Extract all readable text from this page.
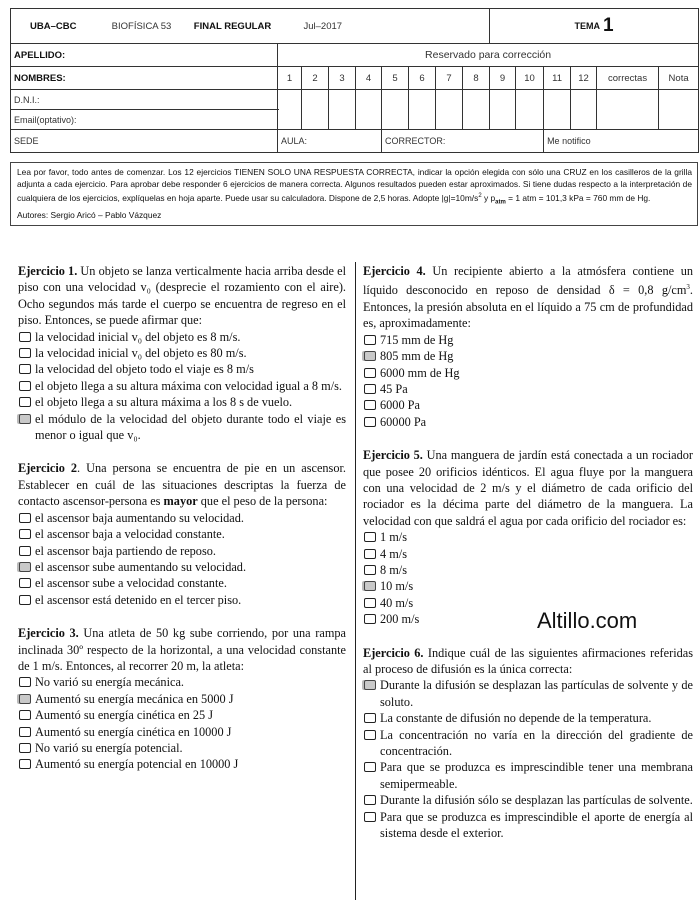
UBA–CBC	BIOFÍSICA 53	FINAL REGULAR	Jul–2017								TEMA 1					
APELLIDO:			Reservado para corrección													
NOMBRES:			1	2	3	4	5	6	7	8	9	10	11	12	correctas	Nota
D.N.I.:																
Email(optativo):																
SEDE			AULA:				CORRECTOR:						Me notifico			
Lea por favor, todo antes de comenzar. Los 12 ejercicios TIENEN SOLO UNA RESPUESTA CORRECTA, indicar la opción elegida con sólo una CRUZ en los casilleros de la grilla adjunta a cada ejercicio. Para aprobar debe responder 6 ejercicios de manera correcta. Algunos resultados pueden estar aproximados. Si tiene dudas respecto a la interpretación de cualquiera de los ejercicios, explíquelas en hoja aparte. Puede usar su calculadora. Dispone de 2,5 horas. Adopte $|g|=10m/s^2$ y $p_{atm} = 1$ atm = 101,3 kPa = 760 mm de Hg.
Autores: Sergio Aricó – Pablo Vázquez

Ejercicio 1. Un objeto se lanza verticalmente hacia arriba desde el piso con una velocidad v₀ (desprecie el rozamiento con el aire). Ocho segundos más tarde el cuerpo se encuentra de regreso en el piso. Entonces, se puede afirmar que:

la velocidad inicial v₀ del objeto es 8 m/s.
la velocidad inicial v₀ del objeto es 80 m/s.
la velocidad del objeto todo el viaje es 8 m/s
el objeto llega a su altura máxima con velocidad igual a 8 m/s.
el objeto llega a su altura máxima a los 8 s de vuelo.
el módulo de la velocidad del objeto durante todo el viaje es menor o igual que v₀.

Ejercicio 2. Una persona se encuentra de pie en un ascensor. Establecer en cuál de las situaciones descriptas la fuerza de contacto ascensor-persona es mayor que el peso de la persona:

el ascensor baja aumentando su velocidad.
el ascensor baja a velocidad constante.
el ascensor baja partiendo de reposo.
el ascensor sube aumentando su velocidad.
el ascensor sube a velocidad constante.
el ascensor está detenido en el tercer piso.

Ejercicio 3. Una atleta de 50 kg sube corriendo, por una rampa inclinada 30º respecto de la horizontal, a una velocidad constante de 1 m/s. Entonces, al recorrer 20 m, la atleta:

No varió su energía mecánica.
Aumentó su energía mecánica en 5000 J
Aumentó su energía cinética en 25 J
Aumentó su energía cinética en 10000 J
No varió su energía potencial.
Aumentó su energía potencial en 10000 J

Ejercicio 4. Un recipiente abierto a la atmósfera contiene un líquido desconocido en reposo de densidad δ = 0,8 $g/cm^3$. Entonces, la presión absoluta en el líquido a 75 cm de profundidad es, aproximadamente:

715 mm de Hg
805 mm de Hg
6000 mm de Hg
45 Pa
6000 Pa
60000 Pa

Ejercicio 5. Una manguera de jardín está conectada a un rociador que posee 20 orificios idénticos. El agua fluye por la manguera con una velocidad de 2 m/s y el diámetro de cada orificio del rociador es la décima parte del diámetro de la manguera. La velocidad con que saldrá el agua por cada orificio del rociador es:

1 m/s
4 m/s
8 m/s
10 m/s
40 m/s
200 m/s

Ejercicio 6. Indique cuál de las siguientes afirmaciones referidas al proceso de difusión es la única correcta:

Durante la difusión se desplazan las partículas de solvente y de soluto.
La constante de difusión no depende de la temperatura.
La concentración no varía en la dirección del gradiente de concentración.
Para que se produzca es imprescindible tener una membrana semipermeable.
Durante la difusión sólo se desplazan las partículas de solvente.
Para que se produzca es imprescindible el aporte de energía al sistema desde el exterior.
Altillo.com
